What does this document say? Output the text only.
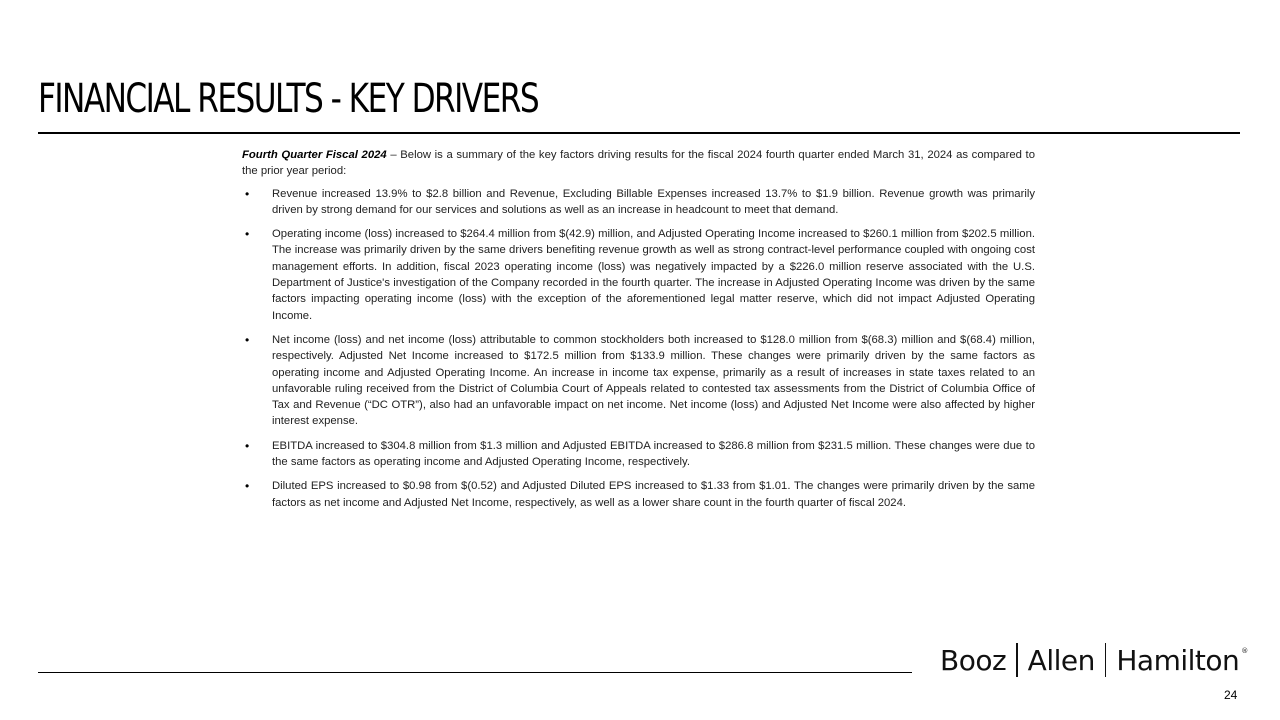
FINANCIAL RESULTS - KEY DRIVERS

Fourth Quarter Fiscal 2024 – Below is a summary of the key factors driving results for the fiscal 2024 fourth quarter ended March 31, 2024 as compared to the prior year period:

• Revenue increased 13.9% to $2.8 billion and Revenue, Excluding Billable Expenses increased 13.7% to $1.9 billion. Revenue growth was primarily driven by strong demand for our services and solutions as well as an increase in headcount to meet that demand.
• Operating income (loss) increased to $264.4 million from $(42.9) million, and Adjusted Operating Income increased to $260.1 million from $202.5 million. The increase was primarily driven by the same drivers benefiting revenue growth as well as strong contract-level performance coupled with ongoing cost management efforts. In addition, fiscal 2023 operating income (loss) was negatively impacted by a $226.0 million reserve associated with the U.S. Department of Justice's investigation of the Company recorded in the fourth quarter. The increase in Adjusted Operating Income was driven by the same factors impacting operating income (loss) with the exception of the aforementioned legal matter reserve, which did not impact Adjusted Operating Income.
• Net income (loss) and net income (loss) attributable to common stockholders both increased to $128.0 million from $(68.3) million and $(68.4) million, respectively. Adjusted Net Income increased to $172.5 million from $133.9 million. These changes were primarily driven by the same factors as operating income and Adjusted Operating Income. An increase in income tax expense, primarily as a result of increases in state taxes related to an unfavorable ruling received from the District of Columbia Court of Appeals related to contested tax assessments from the District of Columbia Office of Tax and Revenue (“DC OTR”), also had an unfavorable impact on net income. Net income (loss) and Adjusted Net Income were also affected by higher interest expense.
• EBITDA increased to $304.8 million from $1.3 million and Adjusted EBITDA increased to $286.8 million from $231.5 million. These changes were due to the same factors as operating income and Adjusted Operating Income, respectively.
• Diluted EPS increased to $0.98 from $(0.52) and Adjusted Diluted EPS increased to $1.33 from $1.01. The changes were primarily driven by the same factors as net income and Adjusted Net Income, respectively, as well as a lower share count in the fourth quarter of fiscal 2024.
Booz Allen Hamilton ®
24
